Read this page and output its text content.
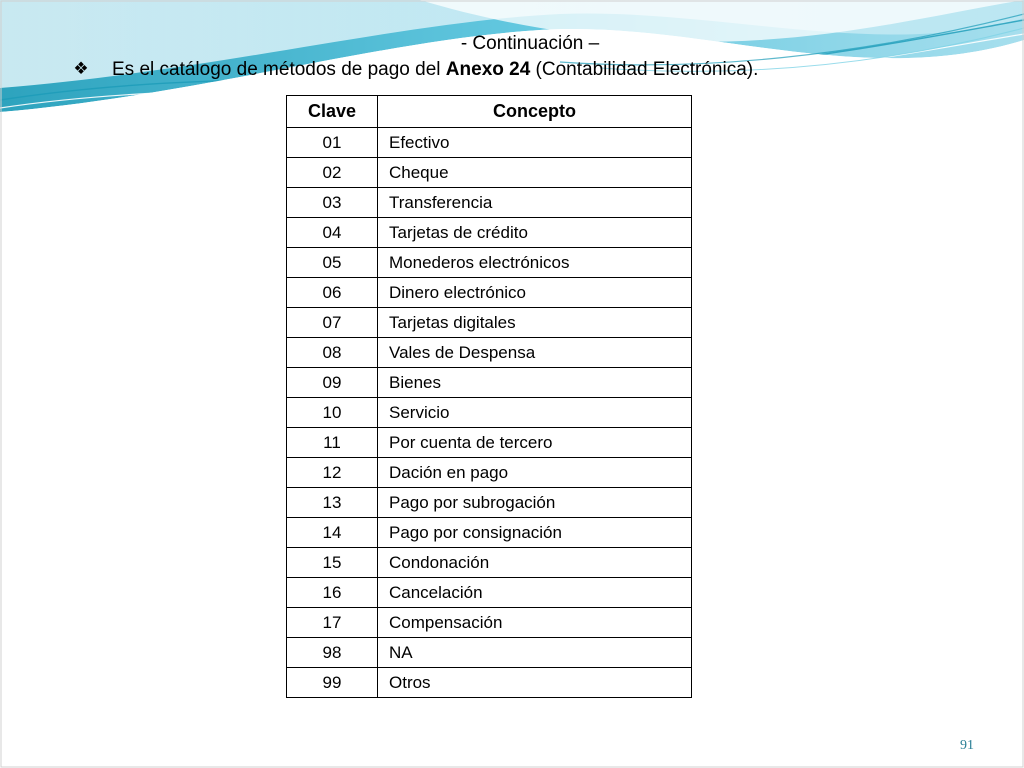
- Continuación –
❖ Es el catálogo de métodos de pago del Anexo 24 (Contabilidad Electrónica).
Clave	Concepto
01	Efectivo
02	Cheque
03	Transferencia
04	Tarjetas de crédito
05	Monederos electrónicos
06	Dinero electrónico
07	Tarjetas digitales
08	Vales de Despensa
09	Bienes
10	Servicio
11	Por cuenta de tercero
12	Dación en pago
13	Pago por subrogación
14	Pago por consignación
15	Condonación
16	Cancelación
17	Compensación
98	NA
99	Otros
91
